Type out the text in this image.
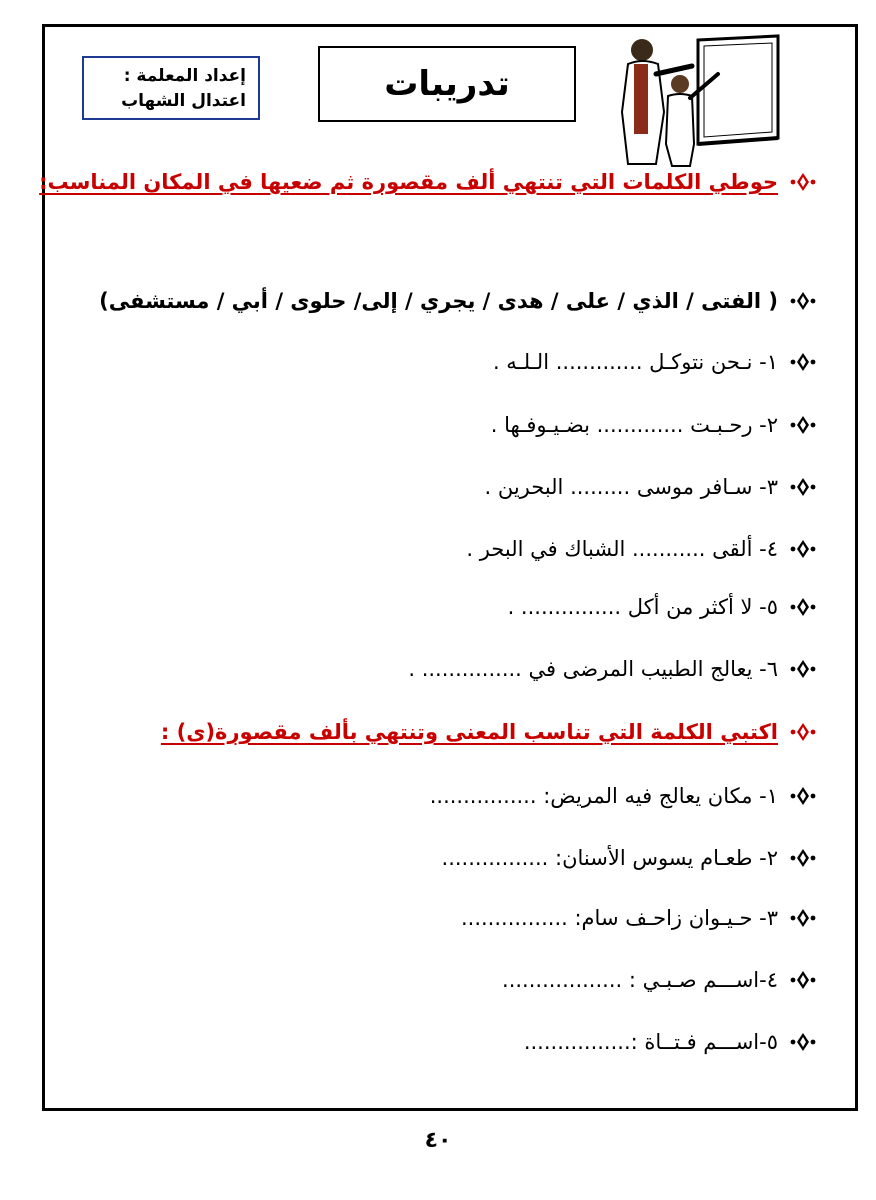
إعداد المعلمة :
اعتدال الشهاب	تدريبات
حوطي الكلمات التي تنتهي ألف مقصورة ثم ضعيها في المكان المناسب:
( الفتى / الذي / على / هدى / يجري / إلى/ حلوى / أبي / مستشفى)
١- نـحن نتوكـل ............. الـلـه .
٢- رحـبـت ............. بضـيـوفـها .
٣- سـافر موسى ......... البحرين .
٤- ألقى ........... الشباك في البحر .
٥- لا أكثر من أكل ............... .
٦- يعالج الطبيب المرضى في ............... .
اكتبي الكلمة التي تناسب المعنى وتنتهي بألف مقصورة(ى) :
١- مكان يعالج فيه المريض: ................
٢- طعـام يسوس الأسنان: ................
٣- حـيـوان زاحـف سام: ................
٤-اســـم صـبـي : ..................
٥-اســـم فـتــاة :................
٤٠
